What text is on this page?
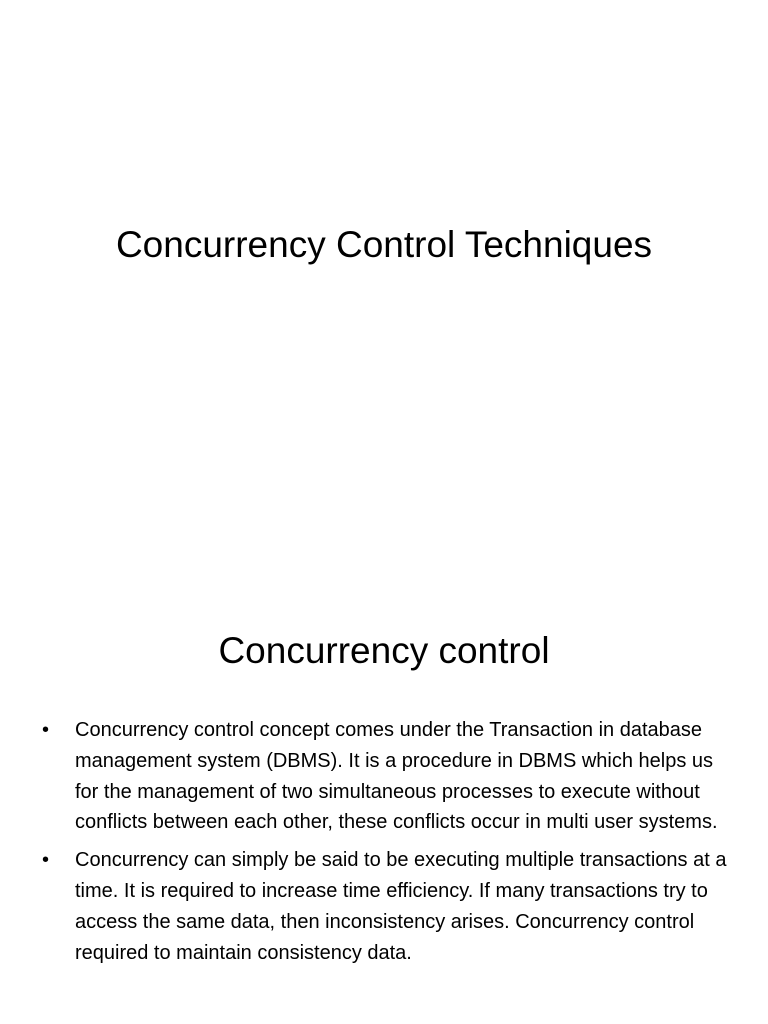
Concurrency Control Techniques
Concurrency control
• Concurrency control concept comes under the Transaction in database management system (DBMS). It is a procedure in DBMS which helps us for the management of two simultaneous processes to execute without conflicts between each other, these conflicts occur in multi user systems.
• Concurrency can simply be said to be executing multiple transactions at a time. It is required to increase time efficiency. If many transactions try to access the same data, then inconsistency arises. Concurrency control required to maintain consistency data.
